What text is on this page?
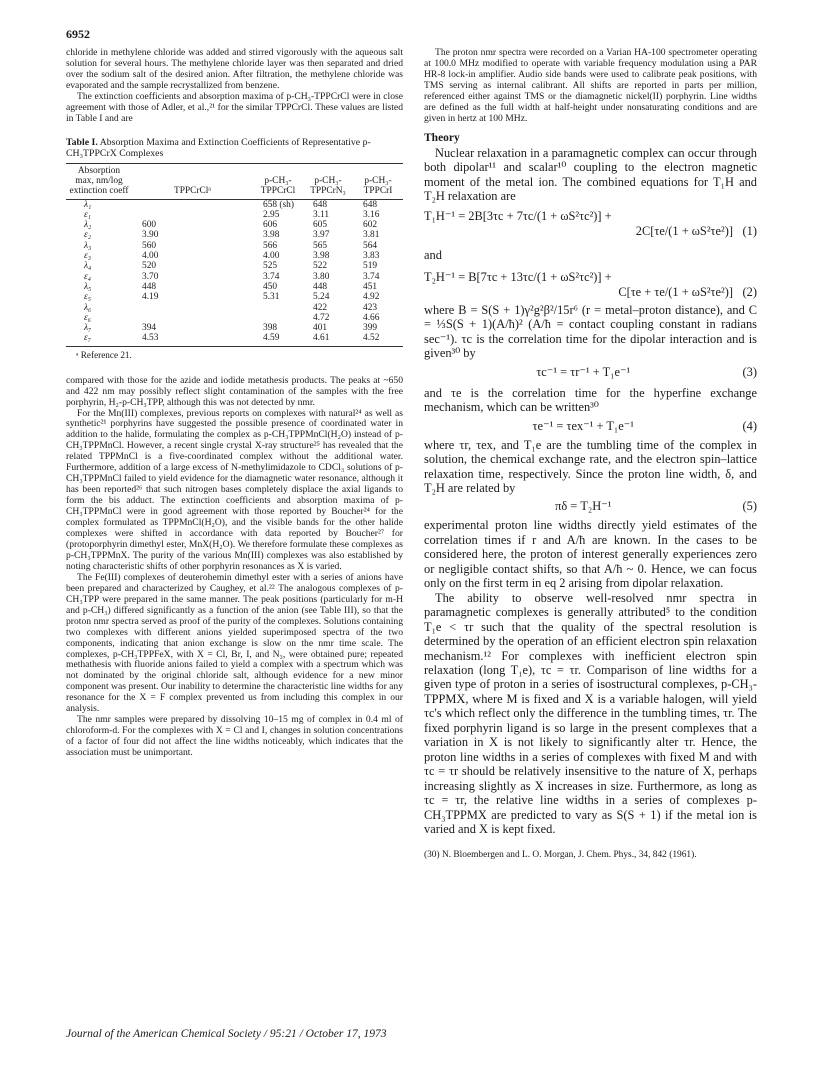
6952

chloride in methylene chloride was added and stirred vigorously with the aqueous salt solution for several hours. The methylene chloride layer was then separated and dried over the sodium salt of the desired anion. After filtration, the methylene chloride was evaporated and the sample recrystallized from benzene.

The extinction coefficients and absorption maxima of p-CH₃-TPPCrCl were in close agreement with those of Adler, et al.,²¹ for the similar TPPCrCl. These values are listed in Table I and are

Table I. Absorption Maxima and Extinction Coefficients of Representative p-CH₃TPPCrX Complexes
Absorption max, nm/log extinction coeff	TPPCrClᵃ	p-CH₃-TPPCrCl	p-CH₃-TPPCrN₃	p-CH₃-TPPCrI
λ₁		658 (sh)	648	648
ε₁		2.95	3.11	3.16
λ₂	600	606	605	602
ε₂	3.90	3.98	3.97	3.81
λ₃	560	566	565	564
ε₃	4.00	4.00	3.98	3.83
λ₄	520	525	522	519
ε₄	3.70	3.74	3.80	3.74
λ₅	448	450	448	451
ε₅	4.19	5.31	5.24	4.92
λ₆			422	423
ε₆			4.72	4.66
λ₇	394	398	401	399
ε₇	4.53	4.59	4.61	4.52
ᵃ Reference 21.

compared with those for the azide and iodide metathesis products. The peaks at ~650 and 422 nm may possibly reflect slight contamination of the samples with the free porphyrin, H₂-p-CH₃TPP, although this was not detected by nmr.

For the Mn(III) complexes, previous reports on complexes with natural²⁴ as well as synthetic²¹ porphyrins have suggested the possible presence of coordinated water in addition to the halide, formulating the complex as p-CH₃TPPMnCl(H₂O) instead of p-CH₃TPPMnCl. However, a recent single crystal X-ray structure²⁵ has revealed that the related TPPMnCl is a five-coordinated complex without the additional water. Furthermore, addition of a large excess of N-methylimidazole to CDCl₃ solutions of p-CH₃TPPMnCl failed to yield evidence for the diamagnetic water resonance, although it has been reported²⁶ that such nitrogen bases completely displace the axial ligands to form the bis adduct. The extinction coefficients and absorption maxima of p-CH₃TPPMnCl were in good agreement with those reported by Boucher²⁴ for the complex formulated as TPPMnCl(H₂O), and the visible bands for the other halide complexes were shifted in accordance with data reported by Boucher²⁷ for (protoporphyrin dimethyl ester, MnX(H₂O). We therefore formulate these complexes as p-CH₃TPPMnX. The purity of the various Mn(III) complexes was also established by noting characteristic shifts of other porphyrin resonances as X is varied.

The Fe(III) complexes of deuterohemin dimethyl ester with a series of anions have been prepared and characterized by Caughey, et al.²² The analogous complexes of p-CH₃TPP were prepared in the same manner. The peak positions (particularly for m-H and p-CH₃) differed significantly as a function of the anion (see Table III), so that the proton nmr spectra served as proof of the purity of the complexes. Solutions containing two complexes with different anions yielded superimposed spectra of the two components, indicating that anion exchange is slow on the nmr time scale. The complexes, p-CH₃TPPFeX, with X = Cl, Br, I, and N₃, were obtained pure; repeated methathesis with fluoride anions failed to yield a complex with a spectrum which was not dominated by the original chloride salt, although evidence for a new minor component was present. Our inability to determine the characteristic line widths for any resonance for the X = F complex prevented us from including this complex in our analysis.

The nmr samples were prepared by dissolving 10–15 mg of complex in 0.4 ml of chloroform-d. For the complexes with X = Cl and I, changes in solution concentrations of a factor of four did not affect the line widths noticeably, which indicates that the association must be unimportant.

The proton nmr spectra were recorded on a Varian HA-100 spectrometer operating at 100.0 MHz modified to operate with variable frequency modulation using a PAR HR-8 lock-in amplifier. Audio side bands were used to calibrate peak positions, with TMS serving as internal calibrant. All shifts are reported in parts per million, referenced either against TMS or the diamagnetic nickel(II) porphyrin. Line widths are defined as the full width at half-height under nonsaturating conditions and are given in hertz at 100 MHz.

Theory

Nuclear relaxation in a paramagnetic complex can occur through both dipolar¹¹ and scalar¹⁰ coupling to the electron magnetic moment of the metal ion. The combined equations for T₁H and T₂H relaxation are

T₁H⁻¹ = 2B[3τc + 7τc/(1 + ωS²τc²)] +
2C[τe/(1 + ωS²τe²)] (1)
and
T₂H⁻¹ = B[7τc + 13τc/(1 + ωS²τc²)] +
C[τe + τe/(1 + ωS²τe²)] (2)

where B = S(S + 1)γ²g²β²/15r⁶ (r = metal–proton distance), and C = ⅓S(S + 1)(A/ħ)² (A/ħ = contact coupling constant in radians sec⁻¹). τc is the correlation time for the dipolar interaction and is given³⁰ by

τc⁻¹ = τr⁻¹ + T₁e⁻¹	(3)

and τe is the correlation time for the hyperfine exchange mechanism, which can be written³⁰

τe⁻¹ = τex⁻¹ + T₁e⁻¹	(4)

where τr, τex, and T₁e are the tumbling time of the complex in solution, the chemical exchange rate, and the electron spin–lattice relaxation time, respectively. Since the proton line width, δ, and T₂H are related by

πδ = T₂H⁻¹	(5)

experimental proton line widths directly yield estimates of the correlation times if r and A/ħ are known. In the cases to be considered here, the proton of interest generally experiences zero or negligible contact shifts, so that A/ħ ~ 0. Hence, we can focus only on the first term in eq 2 arising from dipolar relaxation.

The ability to observe well-resolved nmr spectra in paramagnetic complexes is generally attributed⁵ to the condition T₁e < τr such that the quality of the spectral resolution is determined by the operation of an efficient electron spin relaxation mechanism.¹² For complexes with inefficient electron spin relaxation (long T₁e), τc = τr. Comparison of line widths for a given type of proton in a series of isostructural complexes, p-CH₃-TPPMX, where M is fixed and X is a variable halogen, will yield τc's which reflect only the difference in the tumbling times, τr. The fixed porphyrin ligand is so large in the present complexes that a variation in X is not likely to significantly alter τr. Hence, the proton line widths in a series of complexes with fixed M and with τc = τr should be relatively insensitive to the nature of X, perhaps increasing slightly as X increases in size. Furthermore, as long as τc = τr, the relative line widths in a series of complexes p-CH₃TPPMX are predicted to vary as S(S + 1) if the metal ion is varied and X is kept fixed.

(30) N. Bloembergen and L. O. Morgan, J. Chem. Phys., 34, 842 (1961).
Journal of the American Chemical Society / 95:21 / October 17, 1973
